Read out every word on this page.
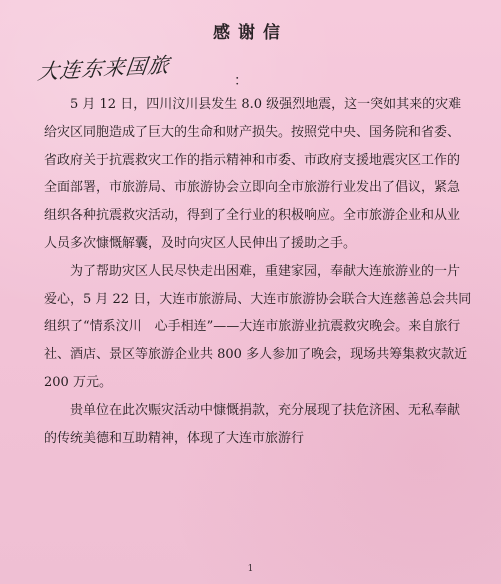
感谢信
大连东来国旅	：

5 月 12 日，四川汶川县发生 8.0 级强烈地震，这一突如其来的灾难给灾区同胞造成了巨大的生命和财产损失。按照党中央、国务院和省委、省政府关于抗震救灾工作的指示精神和市委、市政府支援地震灾区工作的全面部署，市旅游局、市旅游协会立即向全市旅游行业发出了倡议，紧急组织各种抗震救灾活动，得到了全行业的积极响应。全市旅游企业和从业人员多次慷慨解囊，及时向灾区人民伸出了援助之手。

为了帮助灾区人民尽快走出困难，重建家园，奉献大连旅游业的一片爱心，5 月 22 日，大连市旅游局、大连市旅游协会联合大连慈善总会共同组织了“情系汶川　心手相连”——大连市旅游业抗震救灾晚会。来自旅行社、酒店、景区等旅游企业共 800 多人参加了晚会，现场共筹集救灾款近 200 万元。

贵单位在此次赈灾活动中慷慨捐款，充分展现了扶危济困、无私奉献的传统美德和互助精神，体现了大连市旅游行

1
